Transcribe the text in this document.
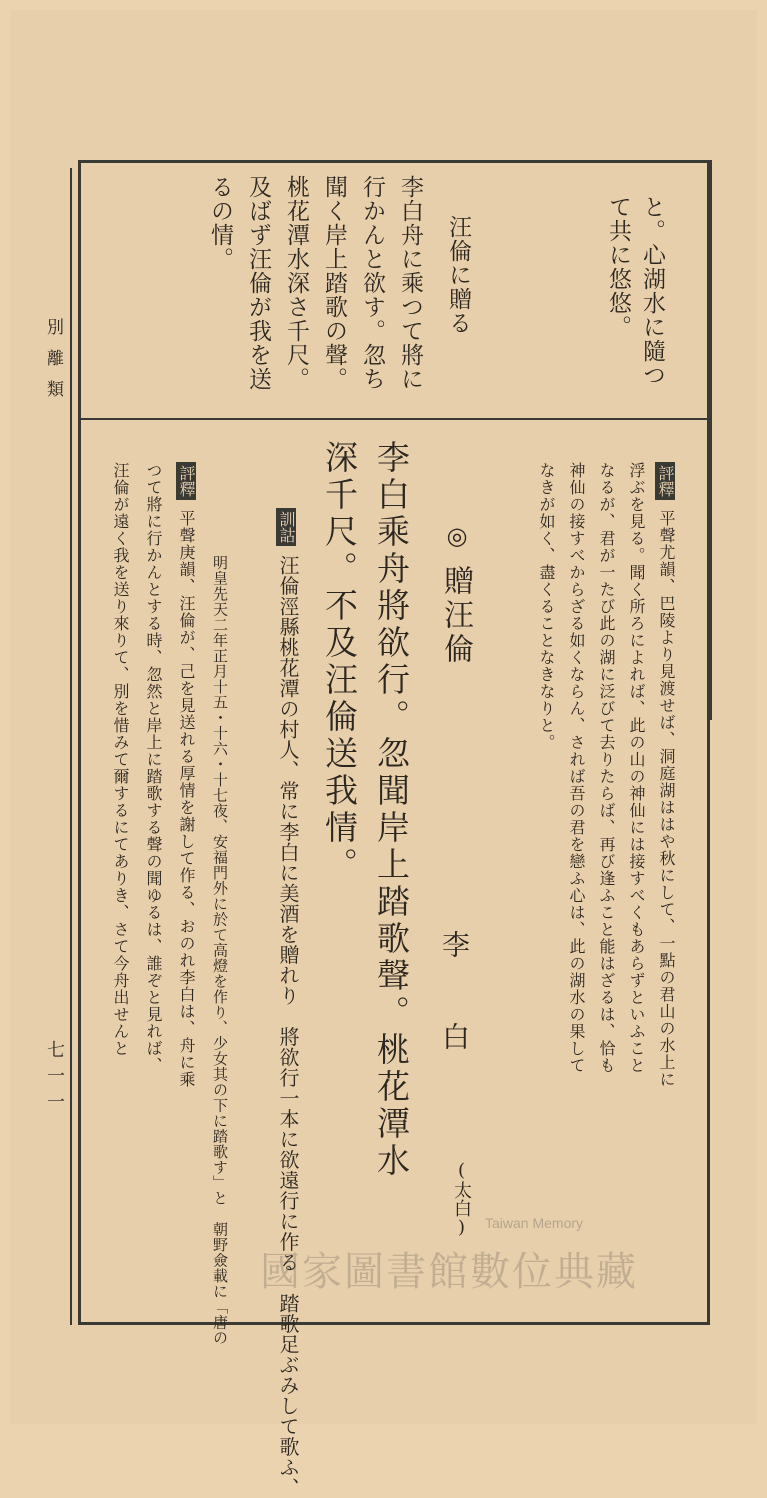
別離類
七一一
と。心湖水に隨つ
て共に悠悠。
汪倫に贈る
李白舟に乘つて將に
行かんと欲す。忽ち
聞く岸上踏歌の聲。
桃花潭水深さ千尺。
及ばず汪倫が我を送
るの情。
評釋
平聲尤韻、巴陵より見渡せば、洞庭湖ははや秋にして、一點の君山の水上に
浮ぶを見る。聞く所ろによれば、此の山の神仙には接すべくもあらずといふこと
なるが、君が一たび此の湖に泛びて去りたらば、再び逢ふこと能はざるは、恰も
神仙の接すべからざる如くならん、されば吾の君を戀ふ心は、此の湖水の果して
なきが如く、盡くることなきなりと。
◎
贈汪倫
李　白
(太白)
李白乘舟將欲行。忽聞岸上踏歌聲。桃花潭水
深千尺。不及汪倫送我情。
訓詁
汪倫涇縣桃花潭の村人、常に李白に美酒を贈れり　將欲行一本に欲遠行に作る　踏歌足ぶみして歌ふ、
明皇先天二年正月十五・十六・十七夜、安福門外に於て高燈を作り、少女其の下に踏歌す」と　朝野僉載に「唐の
評釋
平聲庚韻、汪倫が、己を見送れる厚情を謝して作る、おのれ李白は、舟に乘
つて將に行かんとする時、忽然と岸上に踏歌する聲の聞ゆるは、誰ぞと見れば、
汪倫が遠く我を送り來りて、別を惜みて爾するにてありき、さて今舟出せんと
Taiwan Memory
國家圖書館數位典藏
